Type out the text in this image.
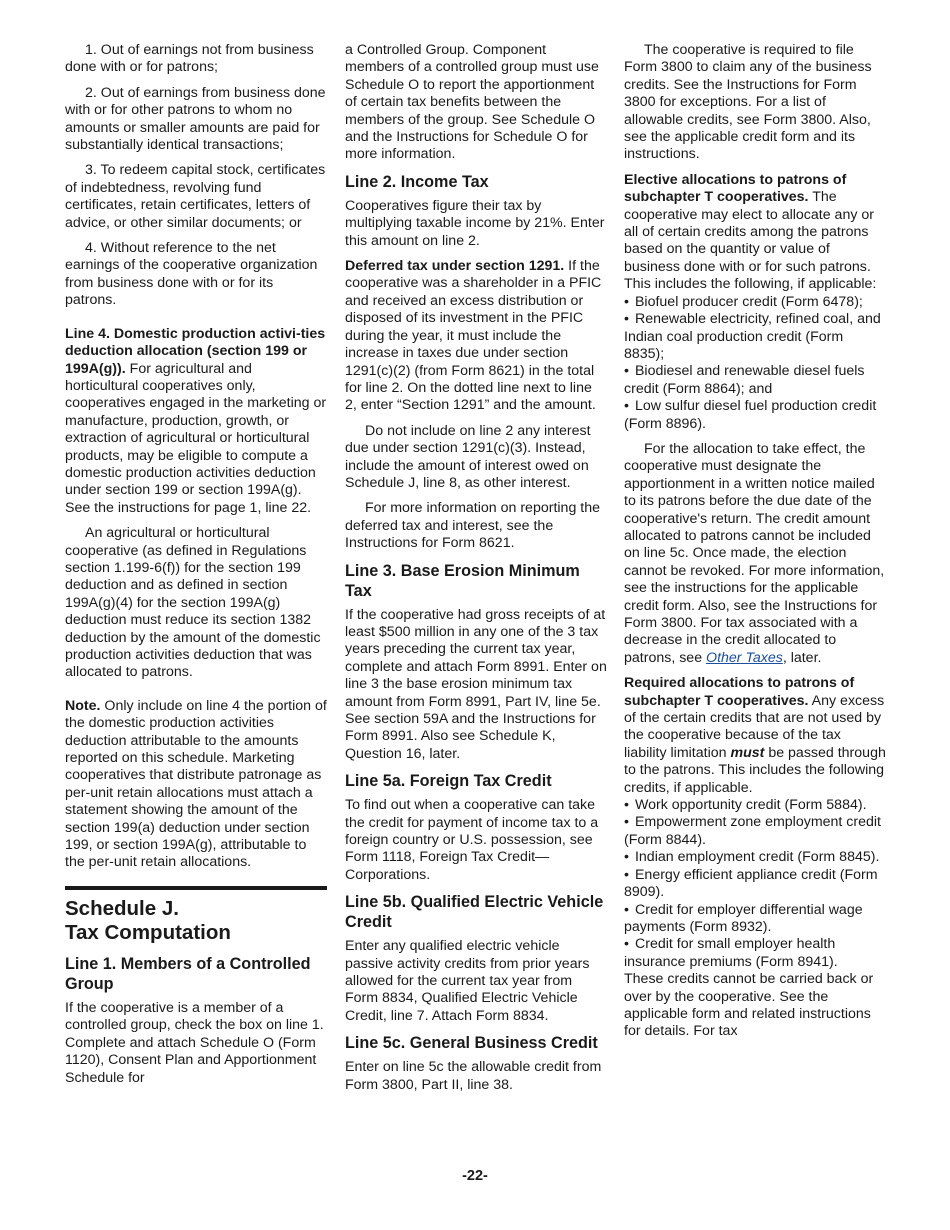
1. Out of earnings not from business done with or for patrons;

2. Out of earnings from business done with or for other patrons to whom no amounts or smaller amounts are paid for substantially identical transactions;

3. To redeem capital stock, certificates of indebtedness, revolving fund certificates, retain certificates, letters of advice, or other similar documents; or

4. Without reference to the net earnings of the cooperative organization from business done with or for its patrons.

Line 4. Domestic production activi-ties deduction allocation (section 199 or 199A(g)). For agricultural and horticultural cooperatives only, cooperatives engaged in the marketing or manufacture, production, growth, or extraction of agricultural or horticultural products, may be eligible to compute a domestic production activities deduction under section 199 or section 199A(g). See the instructions for page 1, line 22.

An agricultural or horticultural cooperative (as defined in Regulations section 1.199-6(f)) for the section 199 deduction and as defined in section 199A(g)(4) for the section 199A(g) deduction must reduce its section 1382 deduction by the amount of the domestic production activities deduction that was allocated to patrons.

Note. Only include on line 4 the portion of the domestic production activities deduction attributable to the amounts reported on this schedule. Marketing cooperatives that distribute patronage as per-unit retain allocations must attach a statement showing the amount of the section 199(a) deduction under section 199, or section 199A(g), attributable to the per-unit retain allocations.

Schedule J.
Tax Computation
Line 1. Members of a Controlled Group

If the cooperative is a member of a controlled group, check the box on line 1. Complete and attach Schedule O (Form 1120), Consent Plan and Apportionment Schedule for

a Controlled Group. Component members of a controlled group must use Schedule O to report the apportionment of certain tax benefits between the members of the group. See Schedule O and the Instructions for Schedule O for more information.

Line 2. Income Tax

Cooperatives figure their tax by multiplying taxable income by 21%. Enter this amount on line 2.

Deferred tax under section 1291. If the cooperative was a shareholder in a PFIC and received an excess distribution or disposed of its investment in the PFIC during the year, it must include the increase in taxes due under section 1291(c)(2) (from Form 8621) in the total for line 2. On the dotted line next to line 2, enter “Section 1291” and the amount.

Do not include on line 2 any interest due under section 1291(c)(3). Instead, include the amount of interest owed on Schedule J, line 8, as other interest.

For more information on reporting the deferred tax and interest, see the Instructions for Form 8621.

Line 3. Base Erosion Minimum Tax

If the cooperative had gross receipts of at least $500 million in any one of the 3 tax years preceding the current tax year, complete and attach Form 8991. Enter on line 3 the base erosion minimum tax amount from Form 8991, Part IV, line 5e. See section 59A and the Instructions for Form 8991. Also see Schedule K, Question 16, later.

Line 5a. Foreign Tax Credit

To find out when a cooperative can take the credit for payment of income tax to a foreign country or U.S. possession, see Form 1118, Foreign Tax Credit—Corporations.

Line 5b. Qualified Electric Vehicle Credit

Enter any qualified electric vehicle passive activity credits from prior years allowed for the current tax year from Form 8834, Qualified Electric Vehicle Credit, line 7. Attach Form 8834.

Line 5c. General Business Credit

Enter on line 5c the allowable credit from Form 3800, Part II, line 38.

The cooperative is required to file Form 3800 to claim any of the business credits. See the Instructions for Form 3800 for exceptions. For a list of allowable credits, see Form 3800. Also, see the applicable credit form and its instructions.

Elective allocations to patrons of subchapter T cooperatives. The cooperative may elect to allocate any or all of certain credits among the patrons based on the quantity or value of business done with or for such patrons. This includes the following, if applicable:

• Biofuel producer credit (Form 6478);
• Renewable electricity, refined coal, and Indian coal production credit (Form 8835);
• Biodiesel and renewable diesel fuels credit (Form 8864); and
• Low sulfur diesel fuel production credit (Form 8896).

For the allocation to take effect, the cooperative must designate the apportionment in a written notice mailed to its patrons before the due date of the cooperative's return. The credit amount allocated to patrons cannot be included on line 5c. Once made, the election cannot be revoked. For more information, see the instructions for the applicable credit form. Also, see the Instructions for Form 3800. For tax associated with a decrease in the credit allocated to patrons, see Other Taxes, later.

Required allocations to patrons of subchapter T cooperatives. Any excess of the certain credits that are not used by the cooperative because of the tax liability limitation must be passed through to the patrons. This includes the following credits, if applicable.

• Work opportunity credit (Form 5884).
• Empowerment zone employment credit (Form 8844).
• Indian employment credit (Form 8845).
• Energy efficient appliance credit (Form 8909).
• Credit for employer differential wage payments (Form 8932).
• Credit for small employer health insurance premiums (Form 8941).

These credits cannot be carried back or over by the cooperative. See the applicable form and related instructions for details. For tax

-22-
